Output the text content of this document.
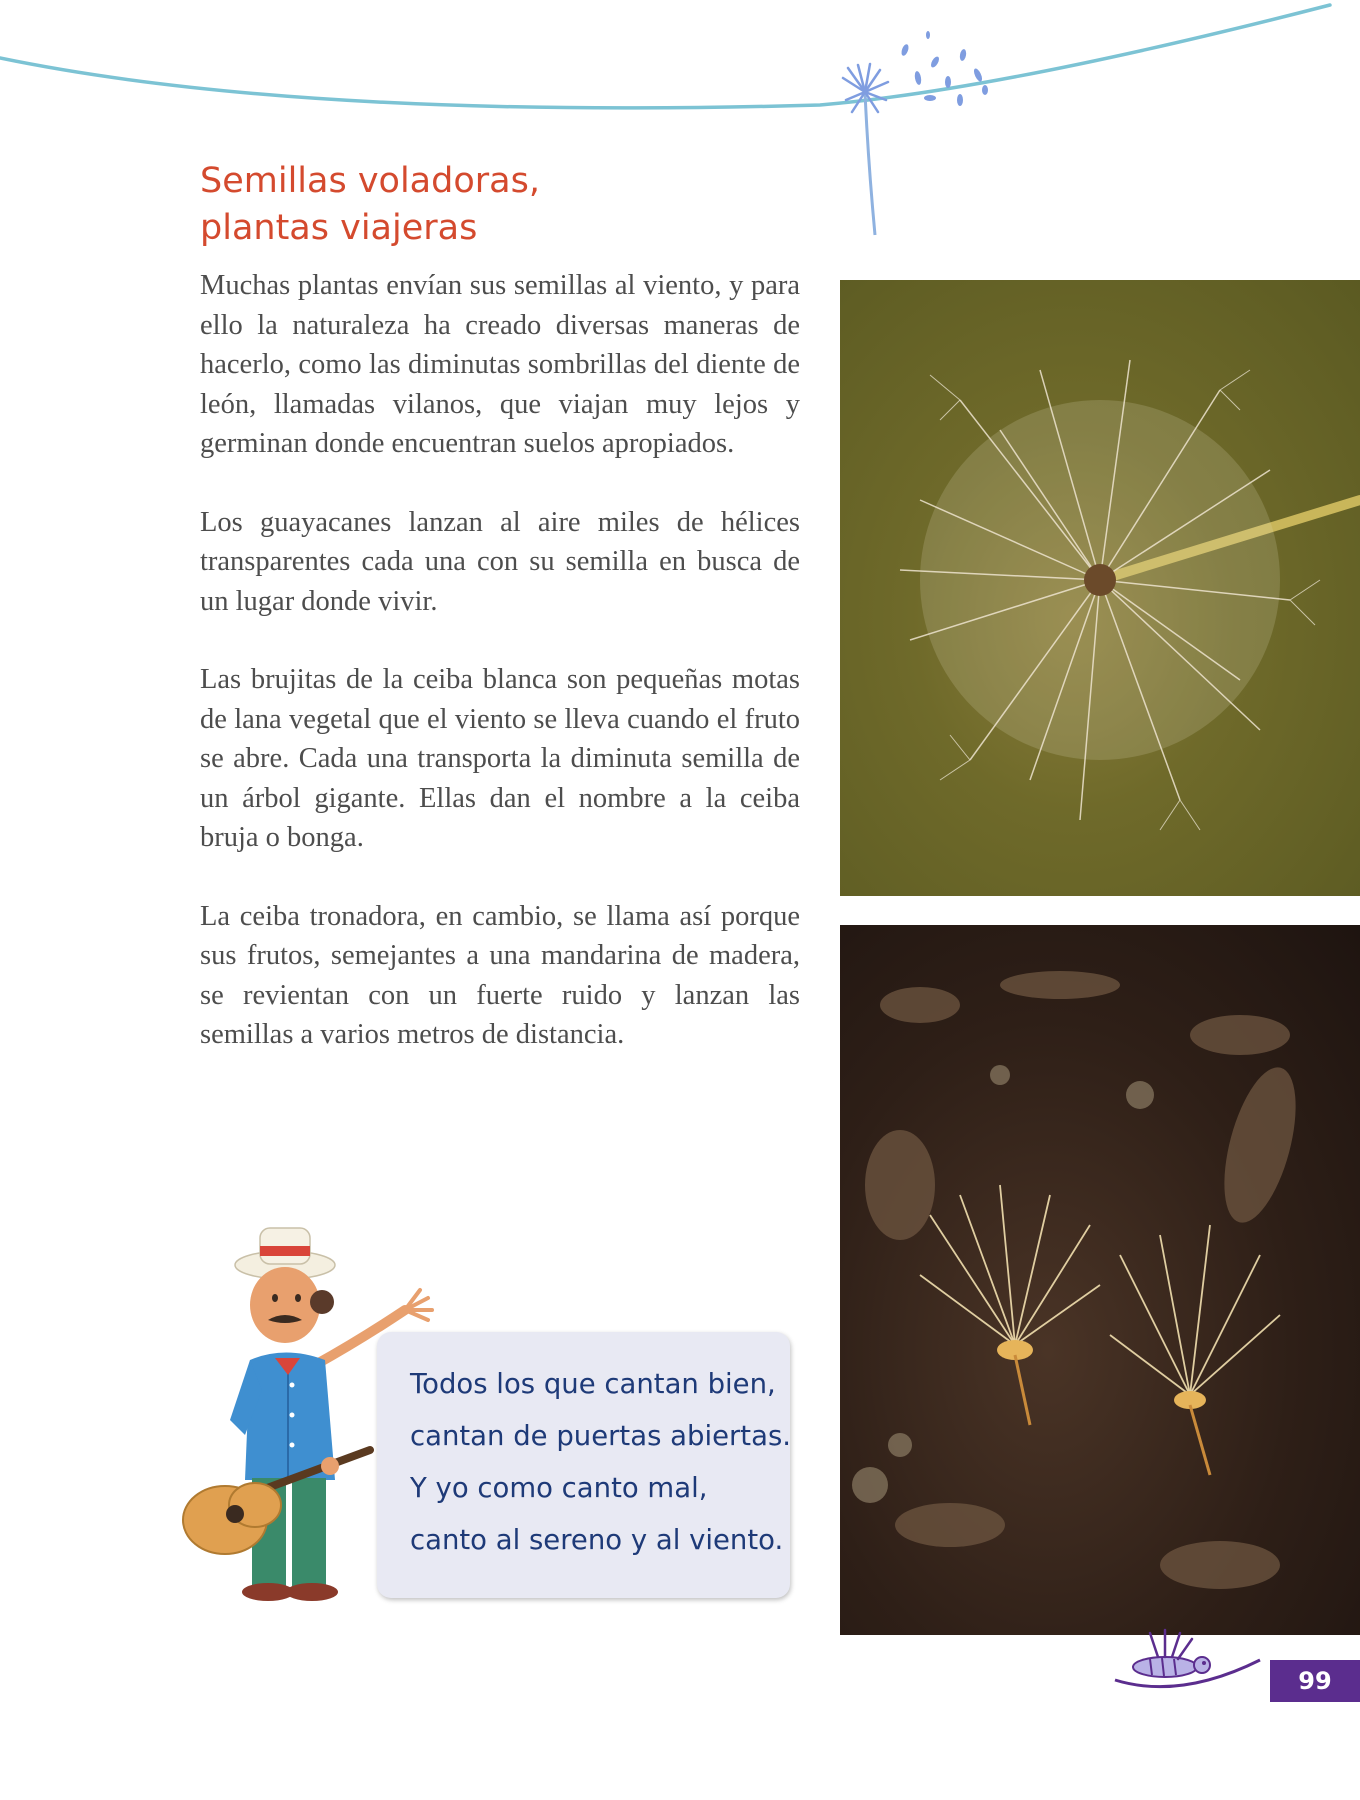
Semillas voladoras,
plantas viajeras

Muchas plantas envían sus semillas al viento, y para ello la naturaleza ha creado diversas maneras de hacerlo, como las diminutas sombrillas del diente de león, llamadas vilanos, que viajan muy lejos y germinan donde encuentran suelos apropiados.

Los guayacanes lanzan al aire miles de hélices transparentes cada una con su semilla en busca de un lugar donde vivir.

Las brujitas de la ceiba blanca son pequeñas motas de lana vegetal que el viento se lleva cuando el fruto se abre. Cada una transporta la diminuta semilla de un árbol gigante. Ellas dan el nombre a la ceiba bruja o bonga.

La ceiba tronadora, en cambio, se llama así porque sus frutos, semejantes a una mandarina de madera, se revientan con un fuerte ruido y lanzan las semillas a varios metros de distancia.

Todos los que cantan bien,
cantan de puertas abiertas.
Y yo como canto mal,
canto al sereno y al viento.
99
